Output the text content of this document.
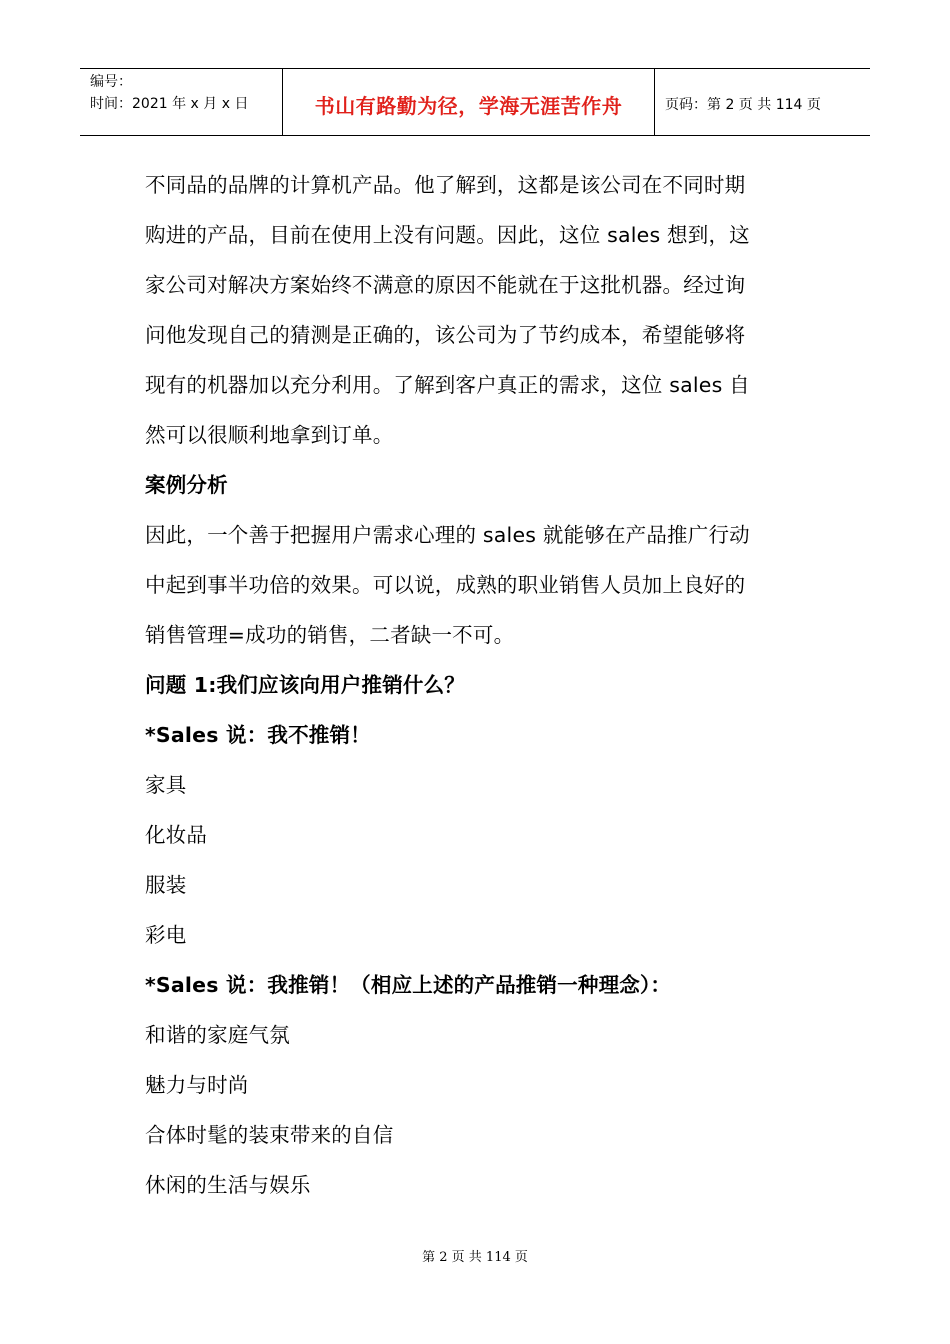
编号：
时间：2021 年 x 月 x 日	书山有路勤为径，学海无涯苦作舟	页码：第 2 页 共 114 页

不同品的品牌的计算机产品。他了解到，这都是该公司在不同时期

购进的产品，目前在使用上没有问题。因此，这位 sales 想到，这

家公司对解决方案始终不满意的原因不能就在于这批机器。经过询

问他发现自己的猜测是正确的，该公司为了节约成本，希望能够将

现有的机器加以充分利用。了解到客户真正的需求，这位 sales 自

然可以很顺利地拿到订单。

案例分析

因此，一个善于把握用户需求心理的 sales 就能够在产品推广行动

中起到事半功倍的效果。可以说，成熟的职业销售人员加上良好的

销售管理=成功的销售，二者缺一不可。

问题 1:我们应该向用户推销什么？

*Sales 说：我不推销！

家具

化妆品

服装

彩电

*Sales 说：我推销！（相应上述的产品推销一种理念）：

和谐的家庭气氛

魅力与时尚

合体时髦的装束带来的自信

休闲的生活与娱乐

第 2 页 共 114 页
